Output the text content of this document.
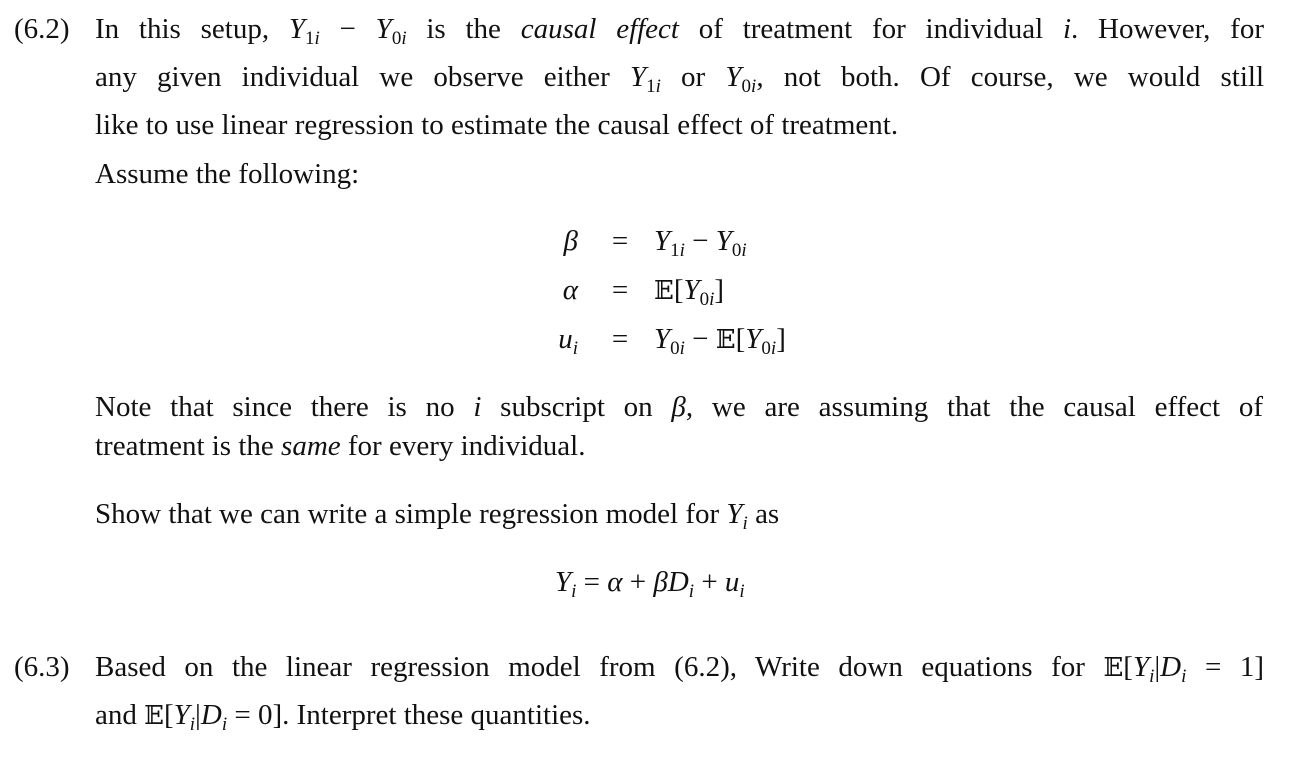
(6.2) In this setup, $Y_{1i} - Y_{0i}$ is the causal effect of treatment for individual i. However, for
any given individual we observe either $Y_{1i}$ or $Y_{0i}$, not both. Of course, we would still
like to use linear regression to estimate the causal effect of treatment.
Assume the following:
β	= $Y_{1i} - Y_{0i}$
α	= $𝔼[Y_{0i}]$
$u_i$	= $Y_{0i}$ − $𝔼[Y_{0i}]$
Note that since there is no i subscript on β, we are assuming that the causal effect of
treatment is the same for every individual.
Show that we can write a simple regression model for $Y_i$ as
$Y_i = \alpha + \beta D_i + u_i$
(6.3) Based on the linear regression model from (6.2), Write down equations for $𝔼[Y_i|D_i = 1]$
and $𝔼[Y_i|D_i = 0]$. Interpret these quantities.
